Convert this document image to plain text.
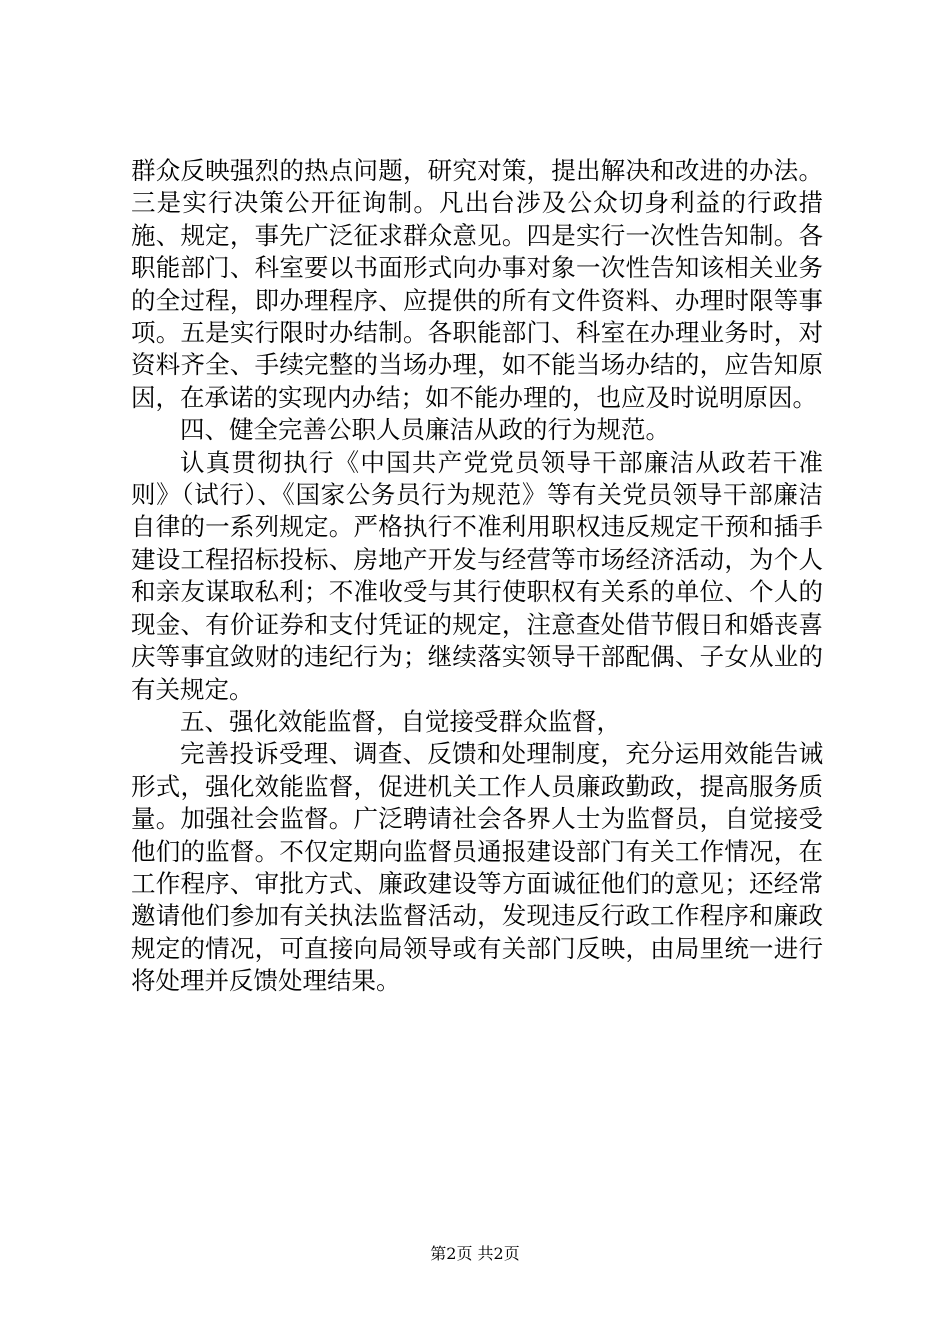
群众反映强烈的热点问题，研究对策，提出解决和改进的办法。三是实行决策公开征询制。凡出台涉及公众切身利益的行政措施、规定，事先广泛征求群众意见。四是实行一次性告知制。各职能部门、科室要以书面形式向办事对象一次性告知该相关业务的全过程，即办理程序、应提供的所有文件资料、办理时限等事项。五是实行限时办结制。各职能部门、科室在办理业务时，对资料齐全、手续完整的当场办理，如不能当场办结的，应告知原因，在承诺的实现内办结；如不能办理的，也应及时说明原因。

四、健全完善公职人员廉洁从政的行为规范。

认真贯彻执行《中国共产党党员领导干部廉洁从政若干准则》（试行）、《国家公务员行为规范》等有关党员领导干部廉洁自律的一系列规定。严格执行不准利用职权违反规定干预和插手建设工程招标投标、房地产开发与经营等市场经济活动，为个人和亲友谋取私利；不准收受与其行使职权有关系的单位、个人的现金、有价证券和支付凭证的规定，注意查处借节假日和婚丧喜庆等事宜敛财的违纪行为；继续落实领导干部配偶、子女从业的有关规定。

五、强化效能监督，自觉接受群众监督，

完善投诉受理、调查、反馈和处理制度，充分运用效能告诫形式，强化效能监督，促进机关工作人员廉政勤政，提高服务质量。加强社会监督。广泛聘请社会各界人士为监督员，自觉接受他们的监督。不仅定期向监督员通报建设部门有关工作情况，在工作程序、审批方式、廉政建设等方面诚征他们的意见；还经常邀请他们参加有关执法监督活动，发现违反行政工作程序和廉政规定的情况，可直接向局领导或有关部门反映，由局里统一进行将处理并反馈处理结果。

第2页 共2页
